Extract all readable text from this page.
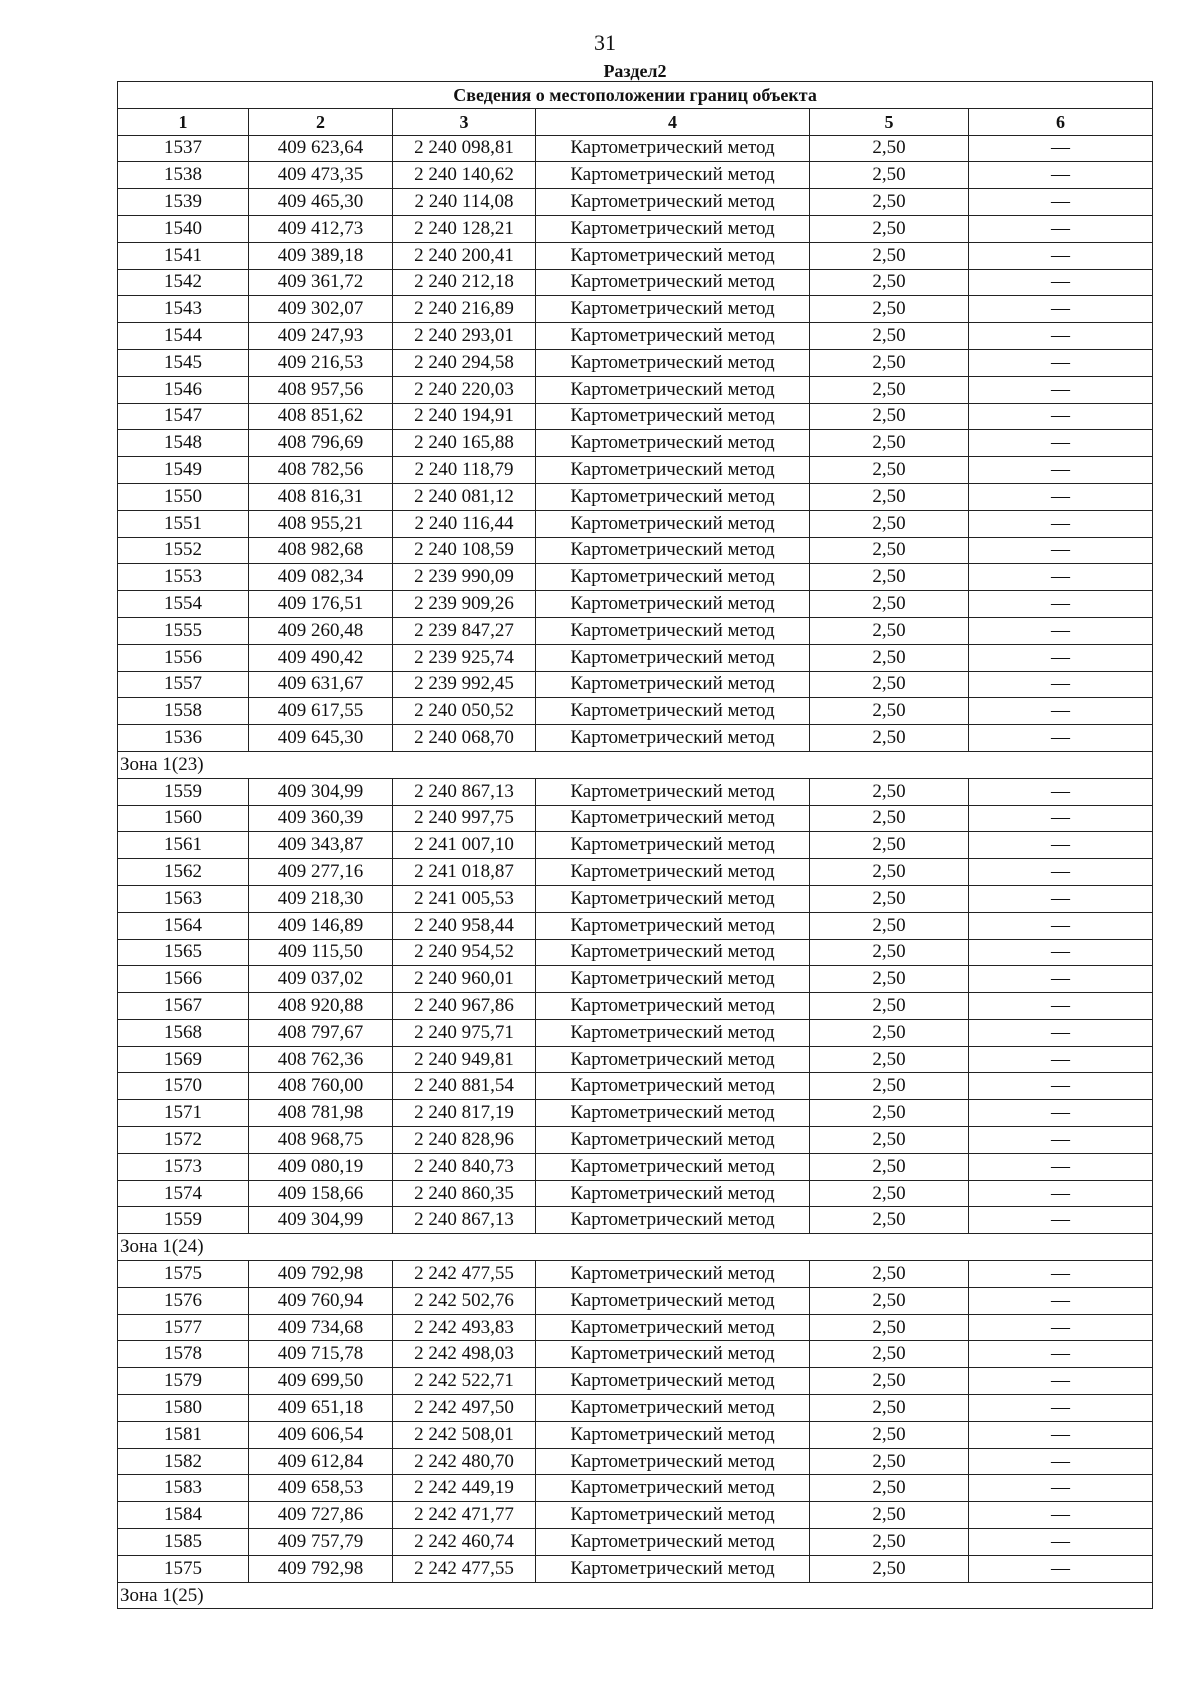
31
Раздел2
Сведения о местоположении границ объекта					
1	2	3	4	5	6
1537	409 623,64	2 240 098,81	Картометрический метод	2,50	—
1538	409 473,35	2 240 140,62	Картометрический метод	2,50	—
1539	409 465,30	2 240 114,08	Картометрический метод	2,50	—
1540	409 412,73	2 240 128,21	Картометрический метод	2,50	—
1541	409 389,18	2 240 200,41	Картометрический метод	2,50	—
1542	409 361,72	2 240 212,18	Картометрический метод	2,50	—
1543	409 302,07	2 240 216,89	Картометрический метод	2,50	—
1544	409 247,93	2 240 293,01	Картометрический метод	2,50	—
1545	409 216,53	2 240 294,58	Картометрический метод	2,50	—
1546	408 957,56	2 240 220,03	Картометрический метод	2,50	—
1547	408 851,62	2 240 194,91	Картометрический метод	2,50	—
1548	408 796,69	2 240 165,88	Картометрический метод	2,50	—
1549	408 782,56	2 240 118,79	Картометрический метод	2,50	—
1550	408 816,31	2 240 081,12	Картометрический метод	2,50	—
1551	408 955,21	2 240 116,44	Картометрический метод	2,50	—
1552	408 982,68	2 240 108,59	Картометрический метод	2,50	—
1553	409 082,34	2 239 990,09	Картометрический метод	2,50	—
1554	409 176,51	2 239 909,26	Картометрический метод	2,50	—
1555	409 260,48	2 239 847,27	Картометрический метод	2,50	—
1556	409 490,42	2 239 925,74	Картометрический метод	2,50	—
1557	409 631,67	2 239 992,45	Картометрический метод	2,50	—
1558	409 617,55	2 240 050,52	Картометрический метод	2,50	—
1536	409 645,30	2 240 068,70	Картометрический метод	2,50	—
Зона 1(23)					
1559	409 304,99	2 240 867,13	Картометрический метод	2,50	—
1560	409 360,39	2 240 997,75	Картометрический метод	2,50	—
1561	409 343,87	2 241 007,10	Картометрический метод	2,50	—
1562	409 277,16	2 241 018,87	Картометрический метод	2,50	—
1563	409 218,30	2 241 005,53	Картометрический метод	2,50	—
1564	409 146,89	2 240 958,44	Картометрический метод	2,50	—
1565	409 115,50	2 240 954,52	Картометрический метод	2,50	—
1566	409 037,02	2 240 960,01	Картометрический метод	2,50	—
1567	408 920,88	2 240 967,86	Картометрический метод	2,50	—
1568	408 797,67	2 240 975,71	Картометрический метод	2,50	—
1569	408 762,36	2 240 949,81	Картометрический метод	2,50	—
1570	408 760,00	2 240 881,54	Картометрический метод	2,50	—
1571	408 781,98	2 240 817,19	Картометрический метод	2,50	—
1572	408 968,75	2 240 828,96	Картометрический метод	2,50	—
1573	409 080,19	2 240 840,73	Картометрический метод	2,50	—
1574	409 158,66	2 240 860,35	Картометрический метод	2,50	—
1559	409 304,99	2 240 867,13	Картометрический метод	2,50	—
Зона 1(24)					
1575	409 792,98	2 242 477,55	Картометрический метод	2,50	—
1576	409 760,94	2 242 502,76	Картометрический метод	2,50	—
1577	409 734,68	2 242 493,83	Картометрический метод	2,50	—
1578	409 715,78	2 242 498,03	Картометрический метод	2,50	—
1579	409 699,50	2 242 522,71	Картометрический метод	2,50	—
1580	409 651,18	2 242 497,50	Картометрический метод	2,50	—
1581	409 606,54	2 242 508,01	Картометрический метод	2,50	—
1582	409 612,84	2 242 480,70	Картометрический метод	2,50	—
1583	409 658,53	2 242 449,19	Картометрический метод	2,50	—
1584	409 727,86	2 242 471,77	Картометрический метод	2,50	—
1585	409 757,79	2 242 460,74	Картометрический метод	2,50	—
1575	409 792,98	2 242 477,55	Картометрический метод	2,50	—
Зона 1(25)					
